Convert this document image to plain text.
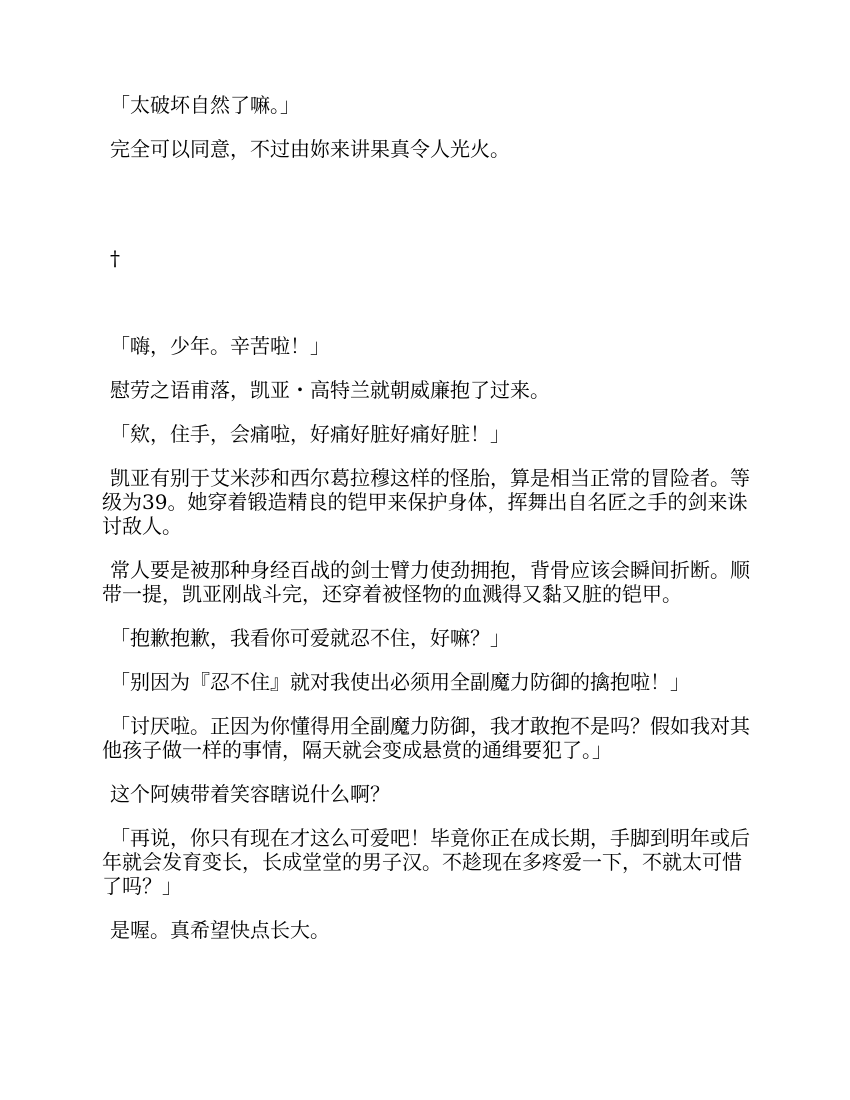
「太破坏自然了嘛。」

完全可以同意，不过由妳来讲果真令人光火。

†

「嗨，少年。辛苦啦！」

慰劳之语甫落，凯亚・高特兰就朝威廉抱了过来。

「欸，住手，会痛啦，好痛好脏好痛好脏！」

凯亚有别于艾米莎和西尔葛拉穆这样的怪胎，算是相当正常的冒险者。等级为39。她穿着锻造精良的铠甲来保护身体，挥舞出自名匠之手的剑来诛讨敌人。

常人要是被那种身经百战的剑士臂力使劲拥抱，背骨应该会瞬间折断。顺带一提，凯亚刚战斗完，还穿着被怪物的血溅得又黏又脏的铠甲。

「抱歉抱歉，我看你可爱就忍不住，好嘛？」

「别因为『忍不住』就对我使出必须用全副魔力防御的擒抱啦！」

「讨厌啦。正因为你懂得用全副魔力防御，我才敢抱不是吗？假如我对其他孩子做一样的事情，隔天就会变成悬赏的通缉要犯了。」

这个阿姨带着笑容瞎说什么啊？

「再说，你只有现在才这么可爱吧！毕竟你正在成长期，手脚到明年或后年就会发育变长，长成堂堂的男子汉。不趁现在多疼爱一下，不就太可惜了吗？」

是喔。真希望快点长大。
